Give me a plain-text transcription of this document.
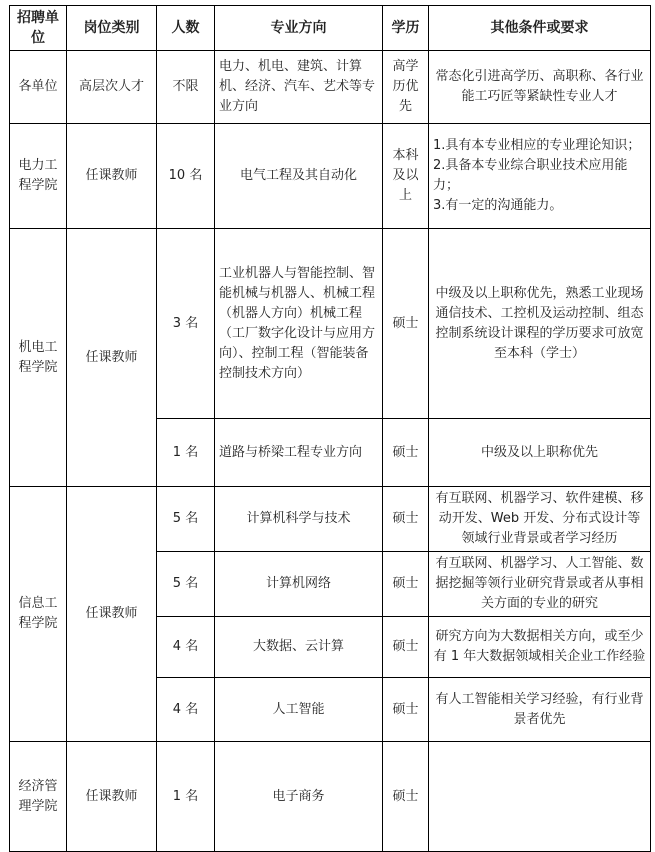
招聘单位	岗位类别	人数	专业方向	学历	其他条件或要求
各单位	高层次人才	不限	电力、机电、建筑、计算机、经济、汽车、艺术等专业方向	高学历优先	常态化引进高学历、高职称、各行业能工巧匠等紧缺性专业人才
电力工程学院	任课教师	10 名	电气工程及其自动化	本科及以上	1.具有本专业相应的专业理论知识；
2.具备本专业综合职业技术应用能力；
3.有一定的沟通能力。

机电工程学院	任课教师	3 名	工业机器人与智能控制、智能机械与机器人、机械工程（机器人方向）机械工程（工厂数字化设计与应用方向）、控制工程（智能装备控制技术方向）	硕士	中级及以上职称优先，熟悉工业现场通信技术、工控机及运动控制、组态控制系统设计课程的学历要求可放宽至本科（学士）
		1 名	道路与桥梁工程专业方向	硕士	中级及以上职称优先
信息工程学院	任课教师	5 名	计算机科学与技术	硕士	有互联网、机器学习、软件建模、移动开发、Web 开发、分布式设计等领域行业背景或者学习经历
		5 名	计算机网络	硕士	有互联网、机器学习、人工智能、数据挖掘等领行业研究背景或者从事相关方面的专业的研究
		4 名	大数据、云计算	硕士	研究方向为大数据相关方向，或至少有 1 年大数据领域相关企业工作经验
		4 名	人工智能	硕士	有人工智能相关学习经验，有行业背景者优先
经济管理学院	任课教师	1 名	电子商务	硕士	
